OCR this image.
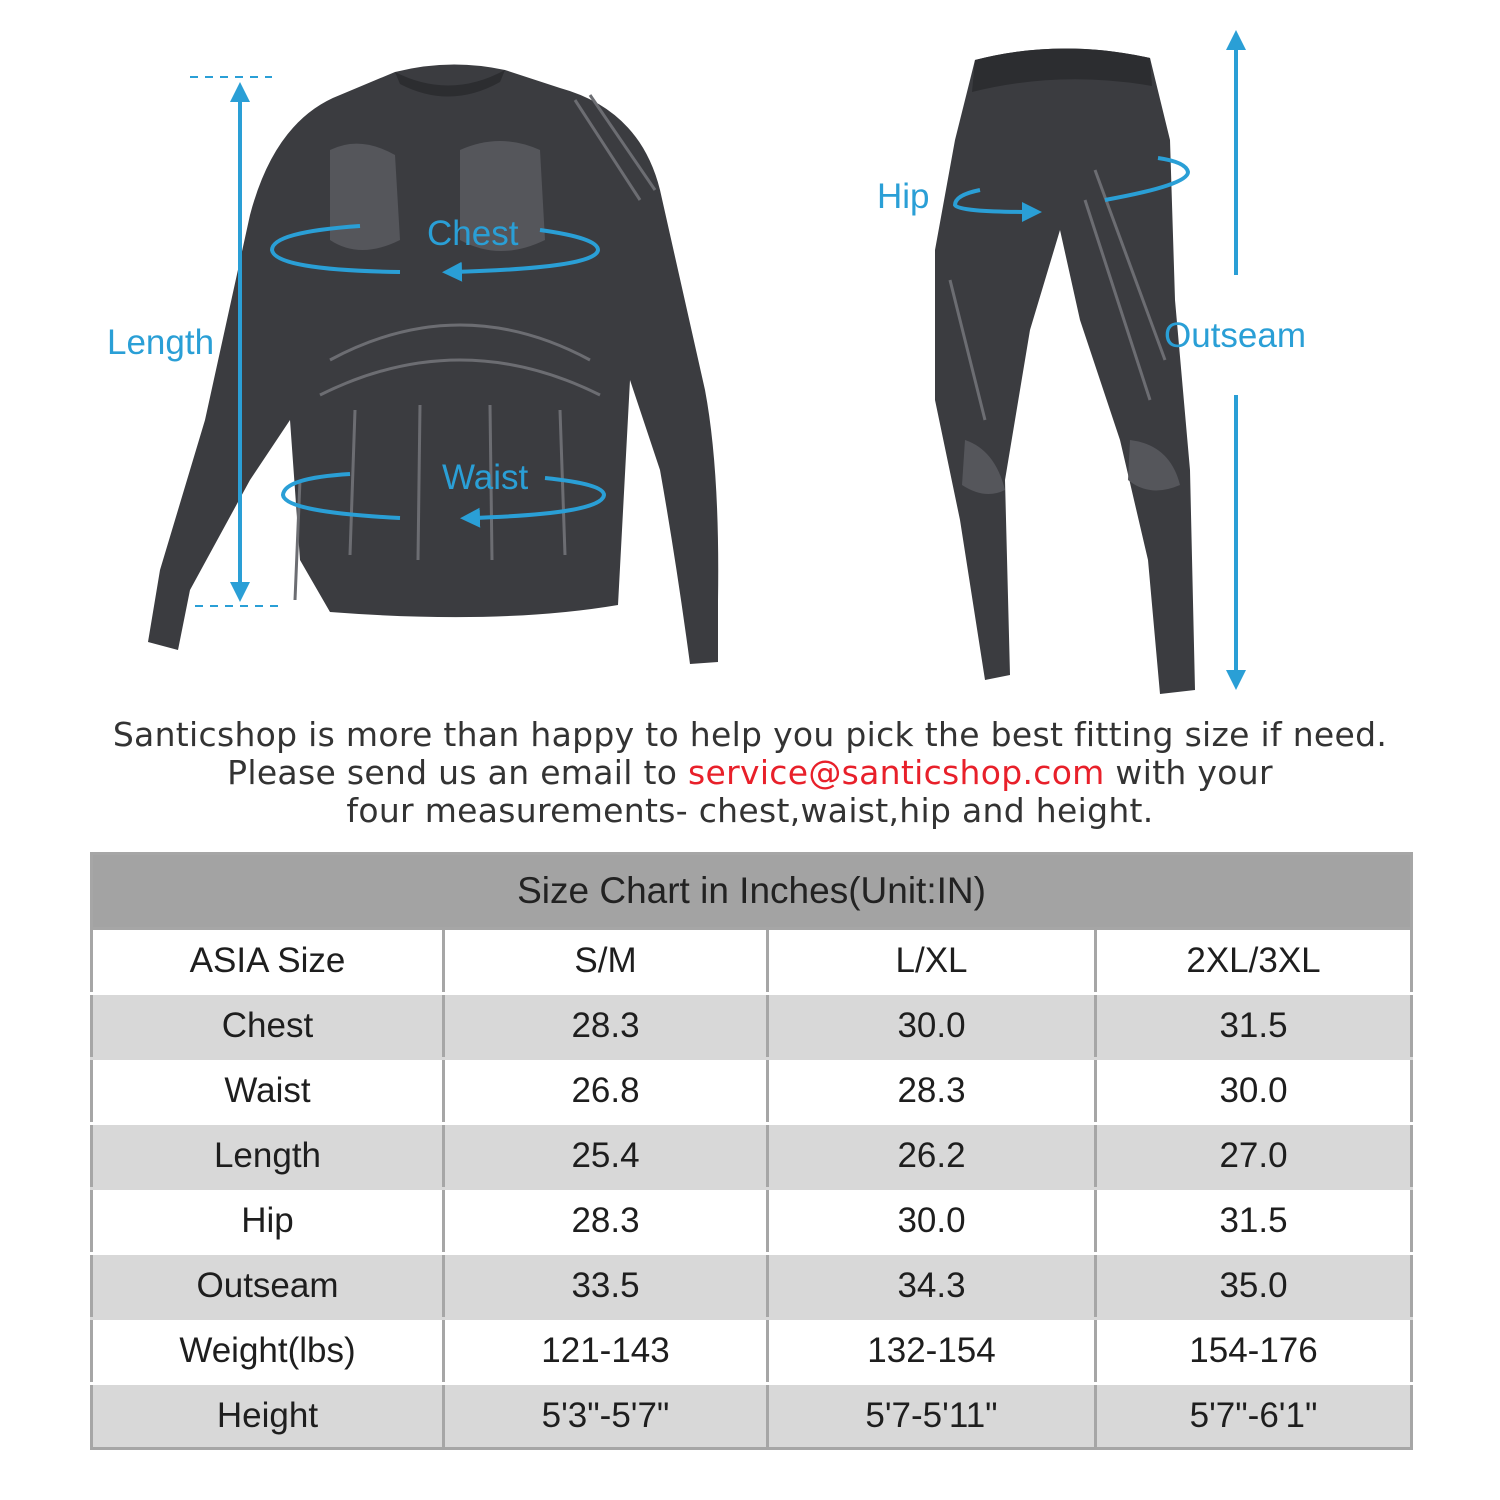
Length
Chest
Waist
Hip
Outseam
Santicshop is more than happy to help you pick the best fitting size if need.
Please send us an email to service@santicshop.com with your
four measurements- chest,waist,hip and height.
Size Chart in Inches(Unit:IN)			
ASIA Size	S/M	L/XL	2XL/3XL
Chest	28.3	30.0	31.5
Waist	26.8	28.3	30.0
Length	25.4	26.2	27.0
Hip	28.3	30.0	31.5
Outseam	33.5	34.3	35.0
Weight(lbs)	121-143	132-154	154-176
Height	5'3"-5'7"	5'7-5'11"	5'7"-6'1"
